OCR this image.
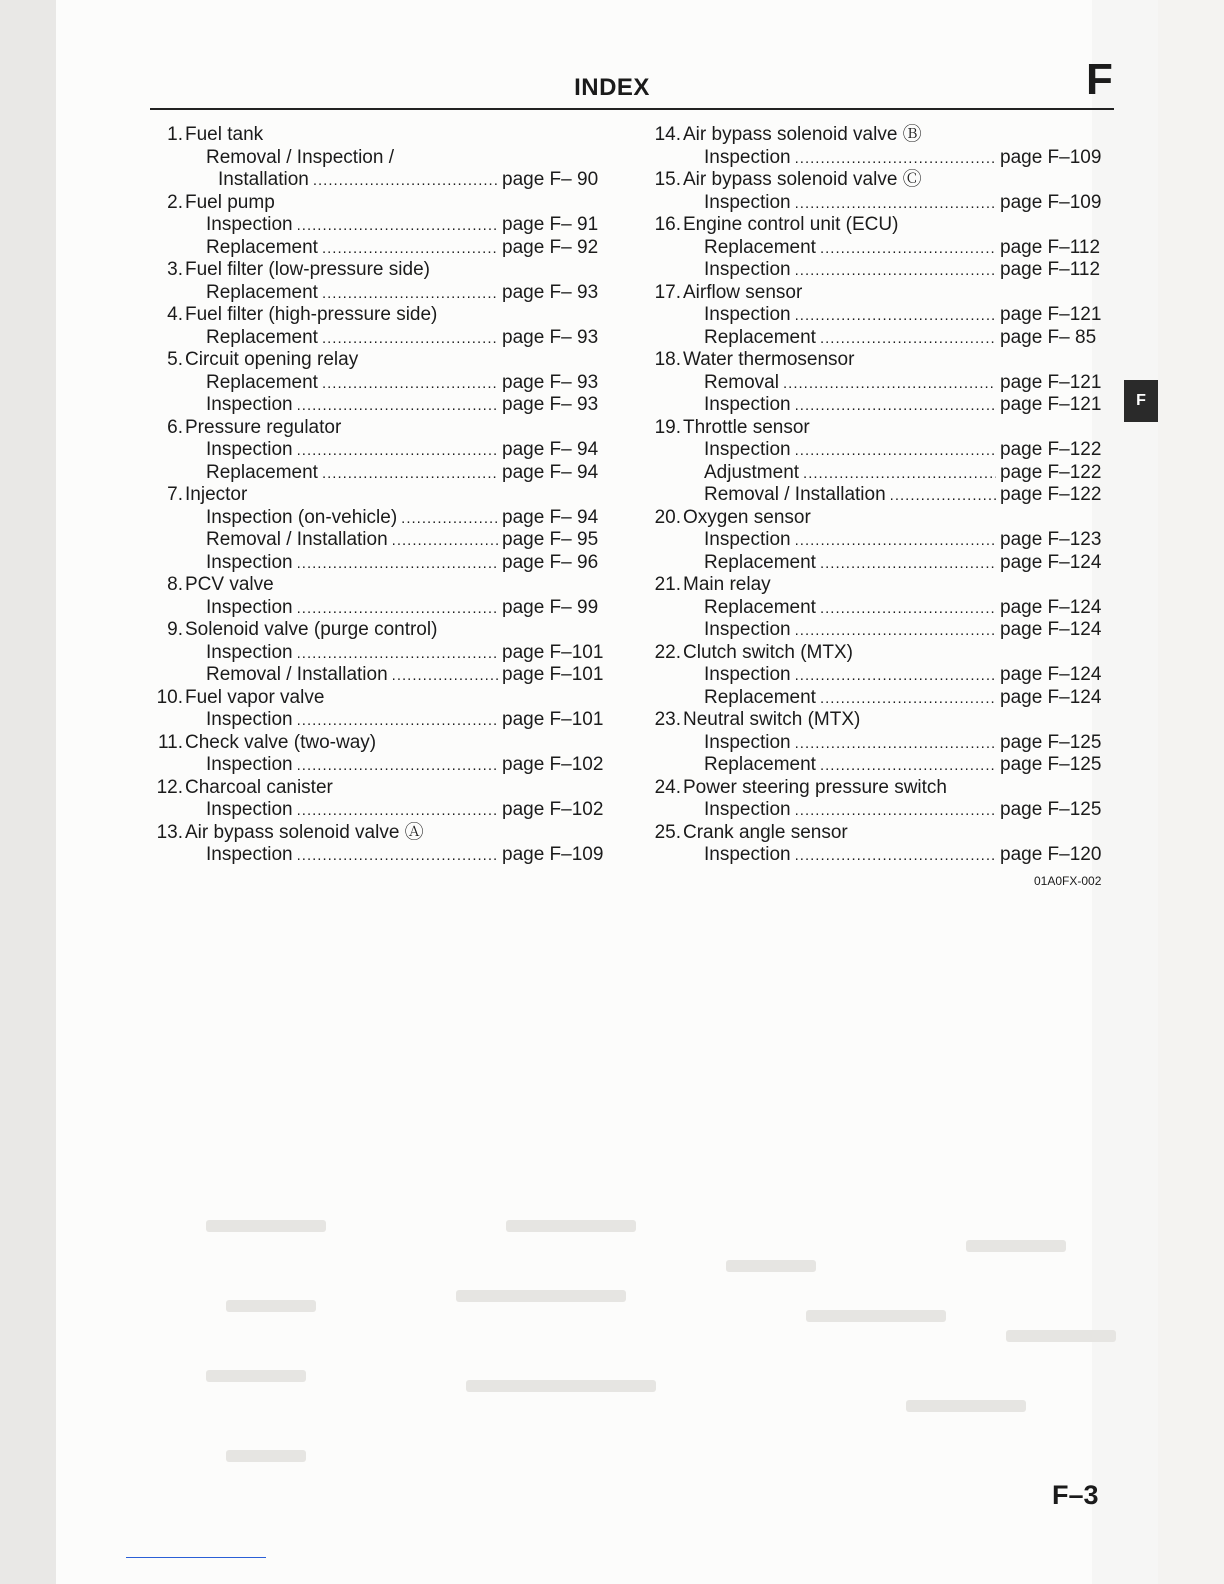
INDEX	F
1. Fuel tank
Removal / Inspection /
Installation .....	page F– 90
2. Fuel pump
Inspection .....	page F– 91
Replacement .....	page F– 92
3. Fuel filter (low-pressure side)
Replacement .....	page F– 93
4. Fuel filter (high-pressure side)
Replacement .....	page F– 93
5. Circuit opening relay
Replacement .....	page F– 93
Inspection .....	page F– 93
6. Pressure regulator
Inspection .....	page F– 94
Replacement .....	page F– 94
7. Injector
Inspection (on-vehicle) .....	page F– 94
Removal / Installation .....	page F– 95
Inspection .....	page F– 96
8. PCV valve
Inspection .....	page F– 99
9. Solenoid valve (purge control)
Inspection .....	page F–101
Removal / Installation .....	page F–101
10. Fuel vapor valve
Inspection .....	page F–101
11. Check valve (two-way)
Inspection .....	page F–102
12. Charcoal canister
Inspection .....	page F–102
13. Air bypass solenoid valve Ⓐ
Inspection .....	page F–109
14. Air bypass solenoid valve Ⓑ
Inspection .....	page F–109
15. Air bypass solenoid valve Ⓒ
Inspection .....	page F–109
16. Engine control unit (ECU)
Replacement .....	page F–112
Inspection .....	page F–112
17. Airflow sensor
Inspection .....	page F–121
Replacement .....	page F– 85
18. Water thermosensor
Removal .....	page F–121
Inspection .....	page F–121
19. Throttle sensor
Inspection .....	page F–122
Adjustment .....	page F–122
Removal / Installation .....	page F–122
20. Oxygen sensor
Inspection .....	page F–123
Replacement .....	page F–124
21. Main relay
Replacement .....	page F–124
Inspection .....	page F–124
22. Clutch switch (MTX)
Inspection .....	page F–124
Replacement .....	page F–124
23. Neutral switch (MTX)
Inspection .....	page F–125
Replacement .....	page F–125
24. Power steering pressure switch
Inspection .....	page F–125
25. Crank angle sensor
Inspection .....	page F–120
01A0FX-002
F
F–3
